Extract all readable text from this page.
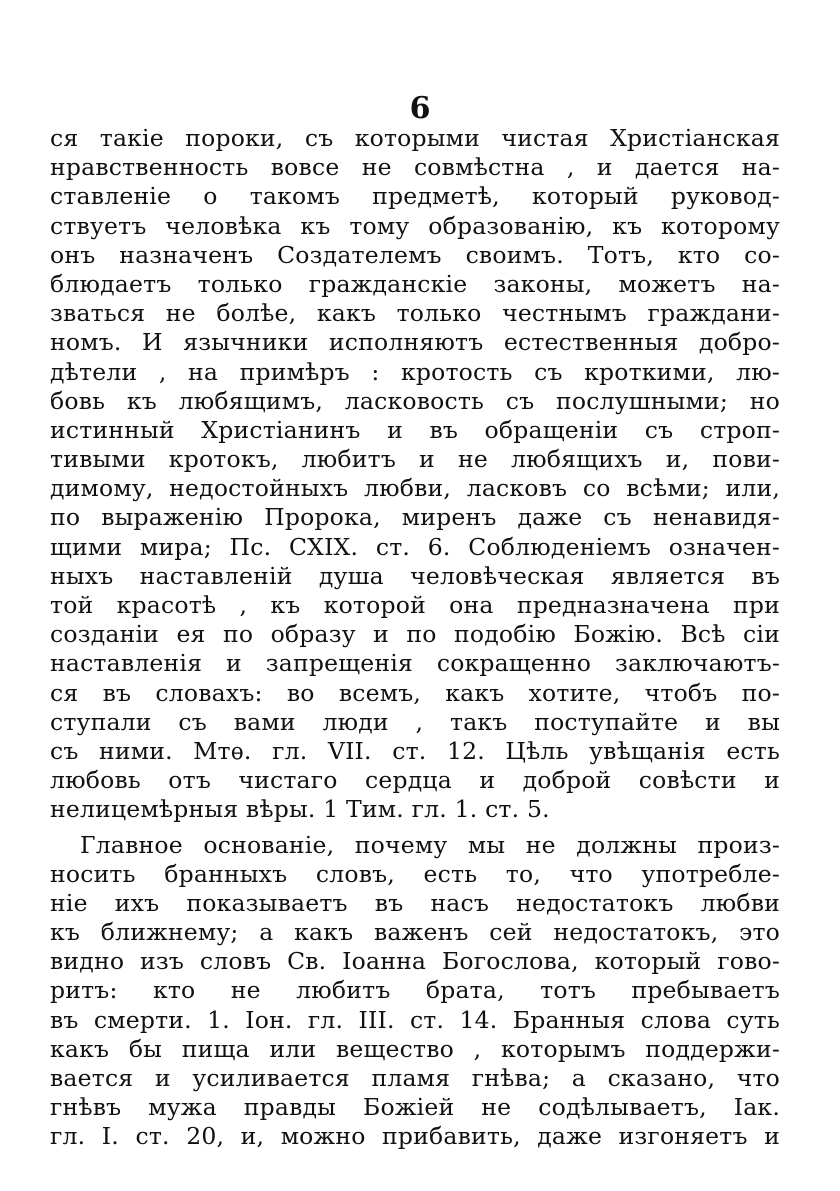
6
ся такіе пороки, съ которыми чистая Христіанская
нравственность вовсе не совмѣстна , и дается на-
ставленіе о такомъ предметѣ, который руковод-
ствуетъ человѣка къ тому образованію, къ которому
онъ назначенъ Создателемъ своимъ. Тотъ, кто со-
блюдаетъ только гражданскіе законы, можетъ на-
зваться не болѣе, какъ только честнымъ граждани-
номъ. И язычники исполняютъ естественныя добро-
дѣтели , на примѣръ : кротость съ кроткими, лю-
бовь къ любящимъ, ласковость съ послушными; но
истинный Христіанинъ и въ обращеніи съ строп-
тивыми кротокъ, любитъ и не любящихъ и, пови-
димому, недостойныхъ любви, ласковъ со всѣми; или,
по выраженію Пророка, миренъ даже съ ненавидя-
щими мира; Пс. CXIX. ст. 6. Соблюденіемъ означен-
ныхъ наставленій душа человѣческая является въ
той красотѣ , къ которой она предназначена при
созданіи ея по образу и по подобію Божію. Всѣ сіи
наставленія и запрещенія сокращенно заключаютъ-
ся въ словахъ: во всемъ, какъ хотите, чтобъ по-
ступали съ вами люди , такъ поступайте и вы
съ ними. Мтѳ. гл. VII. ст. 12. Цѣль увѣщанія есть
любовь отъ чистаго сердца и доброй совѣсти и
нелицемѣрныя вѣры. 1 Тим. гл. 1. ст. 5.
Главное основаніе, почему мы не должны произ-
носить бранныхъ словъ, есть то, что употребле-
ніе ихъ показываетъ въ насъ недостатокъ любви
къ ближнему; а какъ важенъ сей недостатокъ, это
видно изъ словъ Св. Іоанна Богослова, который гово-
ритъ: кто не любитъ брата, тотъ пребываетъ
въ смерти. 1. Іон. гл. III. ст. 14. Бранныя слова суть
какъ бы пища или вещество , которымъ поддержи-
вается и усиливается пламя гнѣва; а сказано, что
гнѣвъ мужа правды Божіей не содѣлываетъ, Іак.
гл. I. ст. 20, и, можно прибавить, даже изгоняетъ и
